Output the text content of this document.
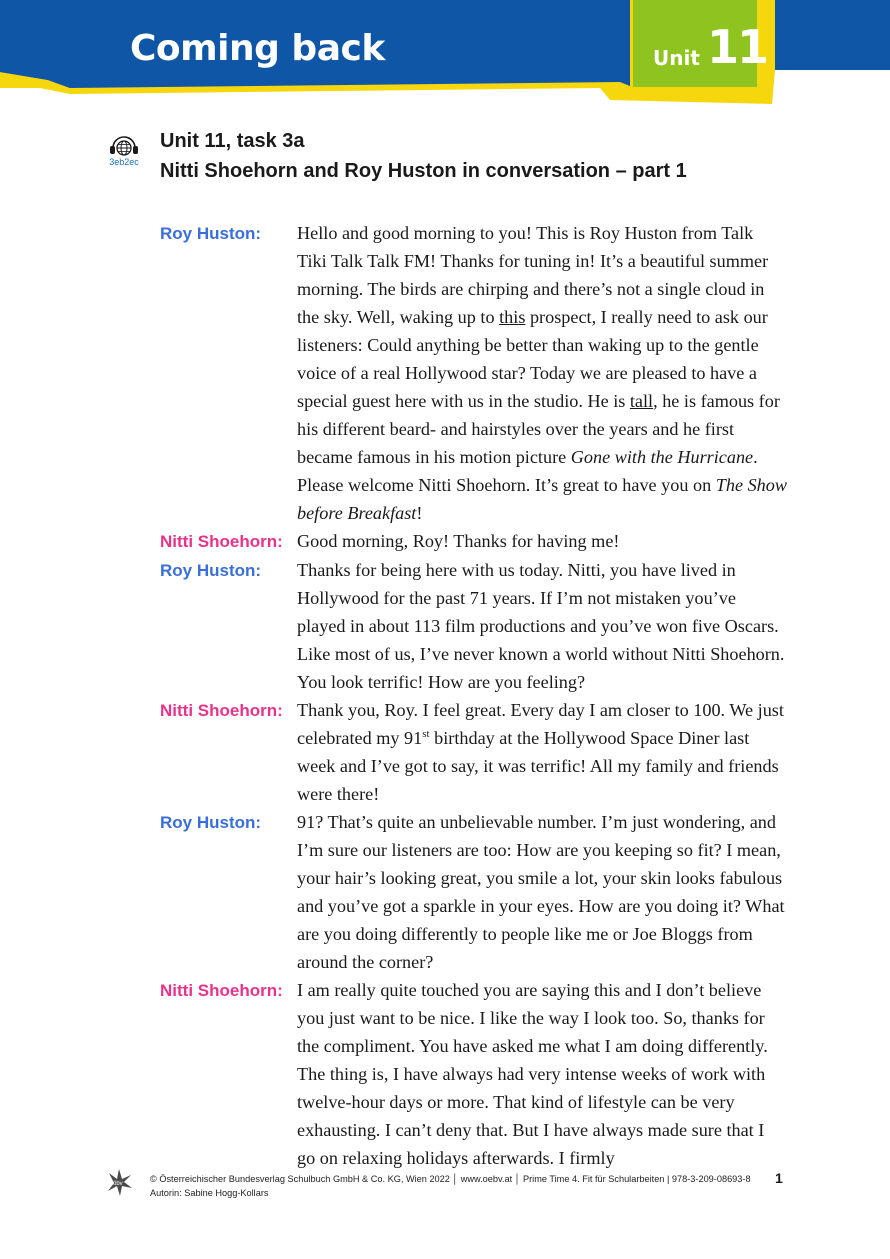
Coming back	Unit 11
3eb2ec
Unit 11, task 3a
Nitti Shoehorn and Roy Huston in conversation – part 1
Roy Huston:	Hello and good morning to you! This is Roy Huston from Talk Tiki Talk Talk FM! Thanks for tuning in! It’s a beautiful summer morning. The birds are chirping and there’s not a single cloud in the sky. Well, waking up to this prospect, I really need to ask our listeners: Could anything be better than waking up to the gentle voice of a real Hollywood star? Today we are pleased to have a special guest here with us in the studio. He is tall, he is famous for his different beard- and hairstyles over the years and he first became famous in his motion picture Gone with the Hurricane. Please welcome Nitti Shoehorn. It’s great to have you on The Show before Breakfast!
Nitti Shoehorn: Good morning, Roy! Thanks for having me!
Roy Huston:	Thanks for being here with us today. Nitti, you have lived in Hollywood for the past 71 years. If I’m not mistaken you’ve played in about 113 film productions and you’ve won five Oscars. Like most of us, I’ve never known a world without Nitti Shoehorn. You look terrific! How are you feeling?
Nitti Shoehorn: Thank you, Roy. I feel great. Every day I am closer to 100. We just celebrated my 91st birthday at the Hollywood Space Diner last week and I’ve got to say, it was terrific! All my family and friends were there!
Roy Huston:	91? That’s quite an unbelievable number. I’m just wondering, and I’m sure our listeners are too: How are you keeping so fit? I mean, your hair’s looking great, you smile a lot, your skin looks fabulous and you’ve got a sparkle in your eyes. How are you doing it? What are you doing differently to people like me or Joe Bloggs from around the corner?
Nitti Shoehorn: I am really quite touched you are saying this and I don’t believe you just want to be nice. I like the way I look too. So, thanks for the compliment. You have asked me what I am doing differently. The thing is, I have always had very intense weeks of work with twelve-hour days or more. That kind of lifestyle can be very exhausting. I can’t deny that. But I have always made sure that I go on relaxing holidays afterwards. I firmly
öbv	© Österreichischer Bundesverlag Schulbuch GmbH & Co. KG, Wien 2022 │ www.oebv.at │ Prime Time 4. Fit für Schularbeiten | 978-3-209-08693-8
Autorin: Sabine Hogg-Kollars
1
